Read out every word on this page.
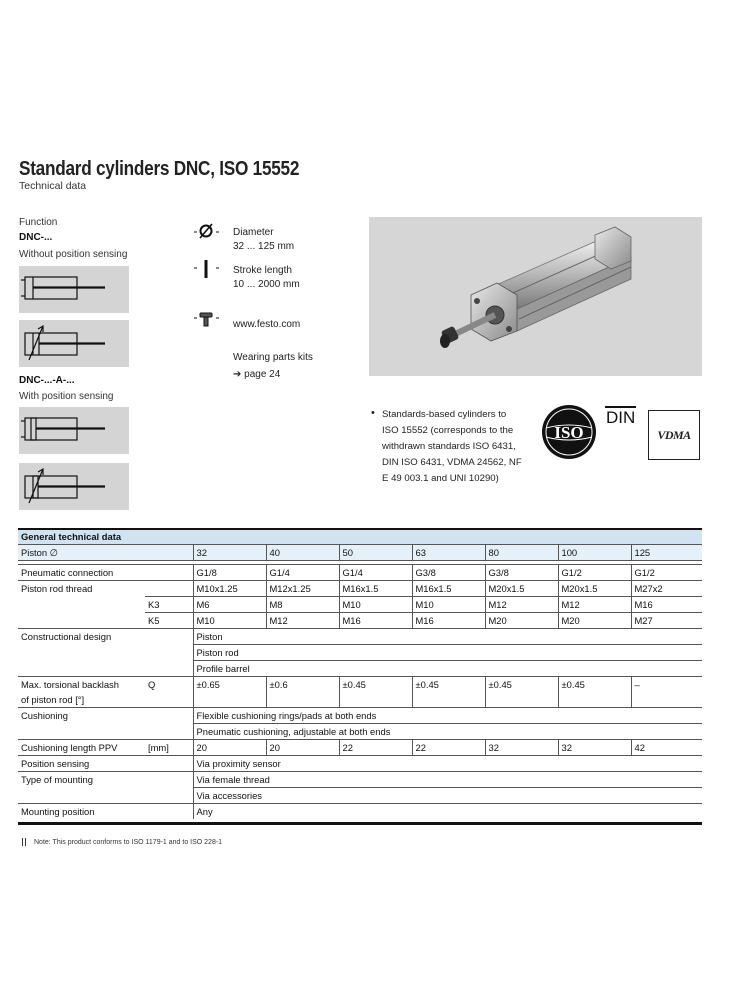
Standard cylinders DNC, ISO 15552
Technical data
Function
DNC-...
Without position sensing
DNC-...-A-...
With position sensing
Diameter
32 ... 125 mm
Stroke length
10 ... 2000 mm
www.festo.com
Wearing parts kits
➔ page 24
• Standards-based cylinders to ISO 15552 (corresponds to the withdrawn standards ISO 6431, DIN ISO 6431, VDMA 24562, NF E 49 003.1 and UNI 10290)
ISO
DIN
VDMA
General technical data								
Piston ∅		32	40	50	63	80	100	125

Pneumatic connection		G1/8	G1/4	G1/4	G3/8	G3/8	G1/2	G1/2
Piston rod thread		M10x1.25	M12x1.25	M16x1.5	M16x1.5	M20x1.5	M20x1.5	M27x2
	K3	M6	M8	M10	M10	M12	M12	M16
	K5	M10	M12	M16	M16	M20	M20	M27
Constructional design		Piston						
		Piston rod						
		Profile barrel						
Max. torsional backlash	Q	±0.65	±0.6	±0.45	±0.45	±0.45	±0.45	–
of piston rod [°]								
Cushioning		Flexible cushioning rings/pads at both ends						
		Pneumatic cushioning, adjustable at both ends						
Cushioning length PPV	[mm]	20	20	22	22	32	32	42
Position sensing		Via proximity sensor						
Type of mounting		Via female thread						
		Via accessories						
Mounting position		Any						
Note: This product conforms to ISO 1179-1 and to ISO 228-1
